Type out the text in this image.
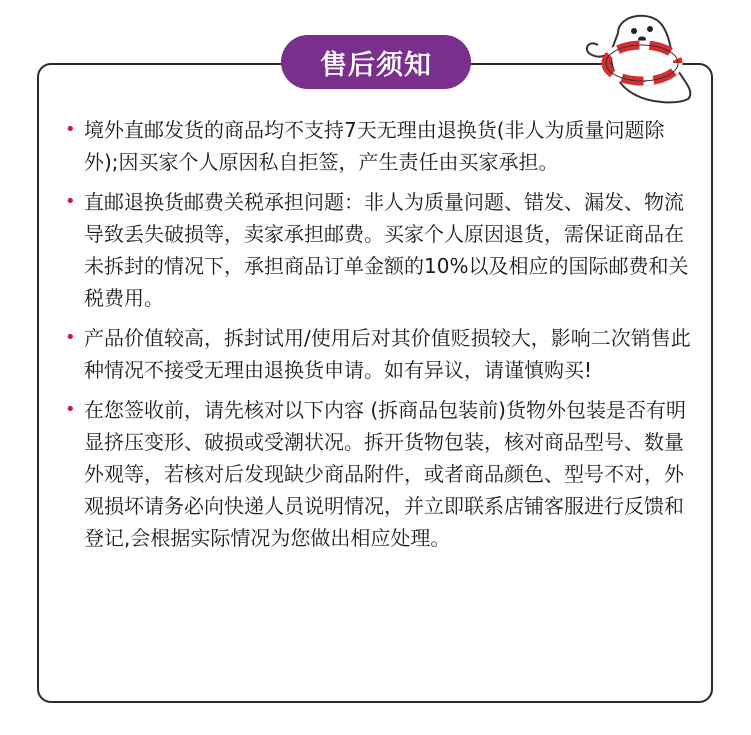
售后须知	FL
• 境外直邮发货的商品均不支持7天无理由退换货(非人为质量问题除外);因买家个人原因私自拒签，产生责任由买家承担。
• 直邮退换货邮费关税承担问题：非人为质量问题、错发、漏发、物流导致丢失破损等，卖家承担邮费。买家个人原因退货，需保证商品在未拆封的情况下，承担商品订单金额的10%以及相应的国际邮费和关税费用。
• 产品价值较高，拆封试用/使用后对其价值贬损较大，影响二次销售此种情况不接受无理由退换货申请。如有异议，请谨慎购买!
• 在您签收前，请先核对以下内容 (拆商品包装前)货物外包装是否有明显挤压变形、破损或受潮状况。拆开货物包装，核对商品型号、数量外观等，若核对后发现缺少商品附件，或者商品颜色、型号不对，外观损坏请务必向快递人员说明情况，并立即联系店铺客服进行反馈和登记,会根据实际情况为您做出相应处理。
